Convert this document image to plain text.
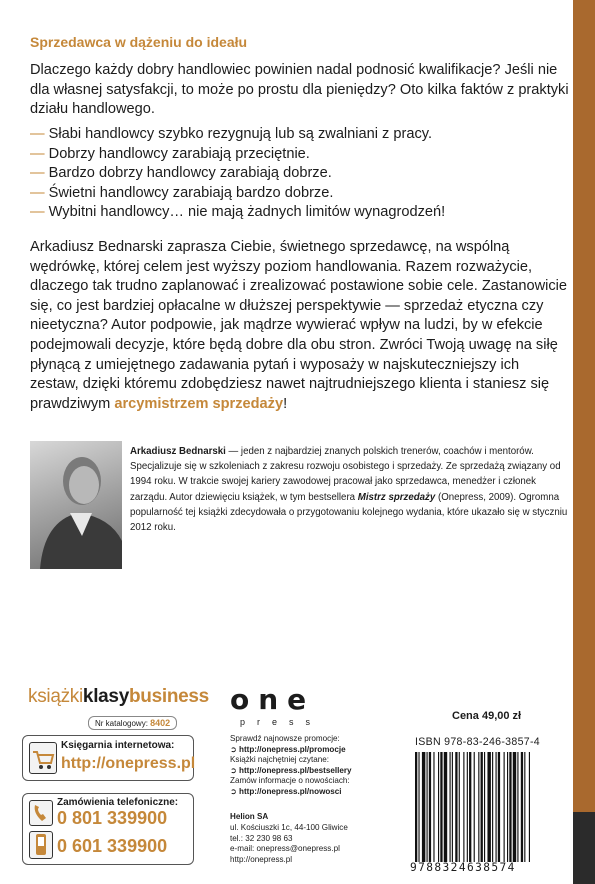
Sprzedawca w dążeniu do ideału
Dlaczego każdy dobry handlowiec powinien nadal podnosić kwalifikacje? Jeśli nie dla własnej satysfakcji, to może po prostu dla pieniędzy? Oto kilka faktów z praktyki działu handlowego.
— Słabi handlowcy szybko rezygnują lub są zwalniani z pracy.
— Dobrzy handlowcy zarabiają przeciętnie.
— Bardzo dobrzy handlowcy zarabiają dobrze.
— Świetni handlowcy zarabiają bardzo dobrze.
— Wybitni handlowcy… nie mają żadnych limitów wynagrodzeń!
Arkadiusz Bednarski zaprasza Ciebie, świetnego sprzedawcę, na wspólną wędrówkę, której celem jest wyższy poziom handlowania. Razem rozważycie, dlaczego tak trudno zaplanować i zrealizować postawione sobie cele. Zastanowicie się, co jest bardziej opłacalne w dłuższej perspektywie — sprzedaż etyczna czy nieetyczna? Autor podpowie, jak mądrze wywierać wpływ na ludzi, by w efekcie podejmowali decyzje, które będą dobre dla obu stron. Zwróci Twoją uwagę na siłę płynącą z umiejętnego zadawania pytań i wyposaży w najskuteczniejszy ich zestaw, dzięki któremu zdobędziesz nawet najtrudniejszego klienta i staniesz się prawdziwym arcymistrzem sprzedaży!
Arkadiusz Bednarski — jeden z najbardziej znanych polskich trenerów, coachów i mentorów. Specjalizuje się w szkoleniach z zakresu rozwoju osobistego i sprzedaży. Ze sprzedażą związany od 1994 roku. W trakcie swojej kariery zawodowej pracował jako sprzedawca, menedżer i członek zarządu. Autor dziewięciu książek, w tym bestsellera Mistrz sprzedaży (Onepress, 2009). Ogromna popularność tej książki zdecydowała o przygotowaniu kolejnego wydania, które ukazało się w styczniu 2012 roku.
książkiklasybusiness
Nr katalogowy: 8402
Księgarnia internetowa:
http://onepress.pl
Zamówienia telefoniczne:
0 801 339900
0 601 339900
one
press
Sprawdź najnowsze promocje:
➲ http://onepress.pl/promocje
Książki najchętniej czytane:
➲ http://onepress.pl/bestsellery
Zamów informacje o nowościach:
➲ http://onepress.pl/nowosci
Helion SA
ul. Kościuszki 1c, 44-100 Gliwice
tel.: 32 230 98 63
e-mail: onepress@onepress.pl
http://onepress.pl
Cena 49,00 zł
ISBN 978-83-246-3857-4
9788324638574
